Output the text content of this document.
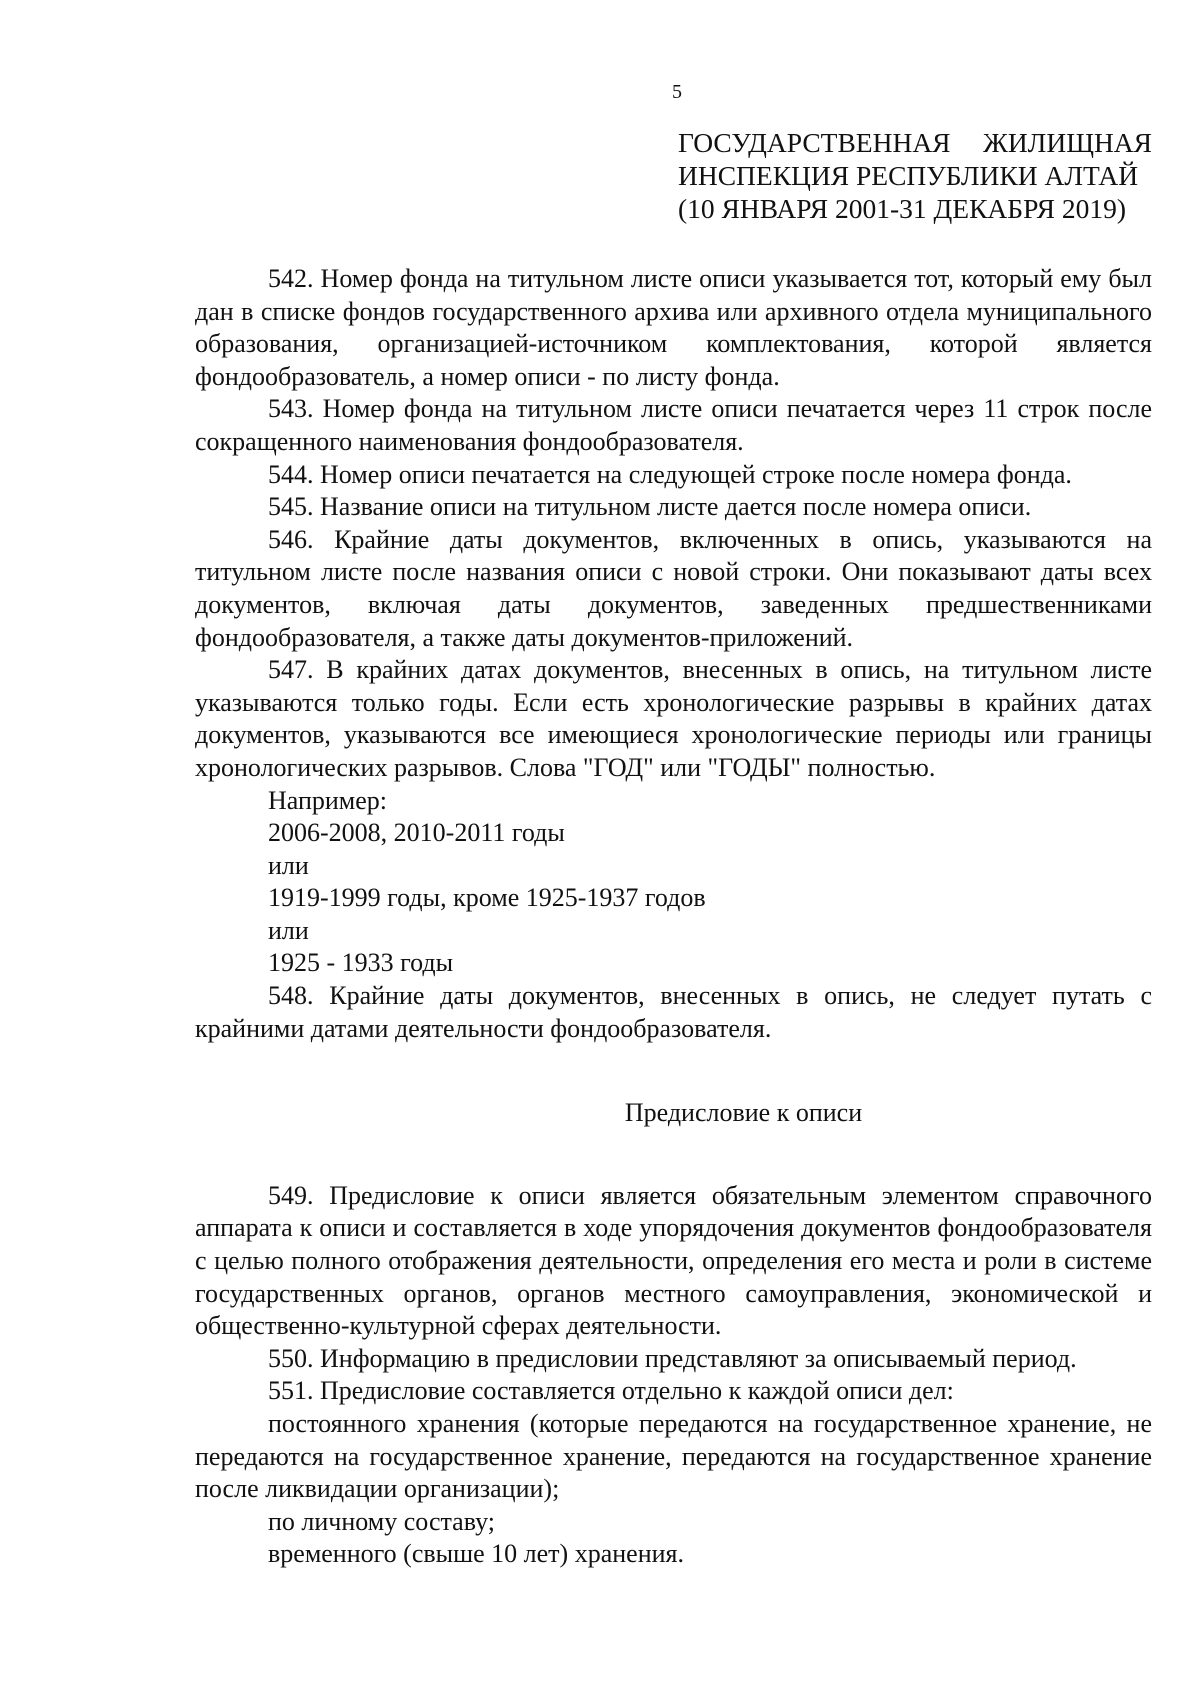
5
ГОСУДАРСТВЕННАЯ ЖИЛИЩНАЯ
ИНСПЕКЦИЯ РЕСПУБЛИКИ АЛТАЙ
(10 ЯНВАРЯ 2001-31 ДЕКАБРЯ 2019)

542. Номер фонда на титульном листе описи указывается тот, который ему был дан в списке фондов государственного архива или архивного отдела муниципального образования, организацией-источником комплектования, которой является фондообразователь, а номер описи - по листу фонда.

543. Номер фонда на титульном листе описи печатается через 11 строк после сокращенного наименования фондообразователя.

544. Номер описи печатается на следующей строке после номера фонда.

545. Название описи на титульном листе дается после номера описи.

546. Крайние даты документов, включенных в опись, указываются на титульном листе после названия описи с новой строки. Они показывают даты всех документов, включая даты документов, заведенных предшественниками фондообразователя, а также даты документов-приложений.

547. В крайних датах документов, внесенных в опись, на титульном листе указываются только годы. Если есть хронологические разрывы в крайних датах документов, указываются все имеющиеся хронологические периоды или границы хронологических разрывов. Слова "ГОД" или "ГОДЫ" полностью.

Например:

2006-2008, 2010-2011 годы

или

1919-1999 годы, кроме 1925-1937 годов

или

1925 - 1933 годы

548. Крайние даты документов, внесенных в опись, не следует путать с крайними датами деятельности фондообразователя.

Предисловие к описи

549. Предисловие к описи является обязательным элементом справочного аппарата к описи и составляется в ходе упорядочения документов фондообразователя с целью полного отображения деятельности, определения его места и роли в системе государственных органов, органов местного самоуправления, экономической и общественно-культурной сферах деятельности.

550. Информацию в предисловии представляют за описываемый период.

551. Предисловие составляется отдельно к каждой описи дел:

постоянного хранения (которые передаются на государственное хранение, не передаются на государственное хранение, передаются на государственное хранение после ликвидации организации);

по личному составу;

временного (свыше 10 лет) хранения.
